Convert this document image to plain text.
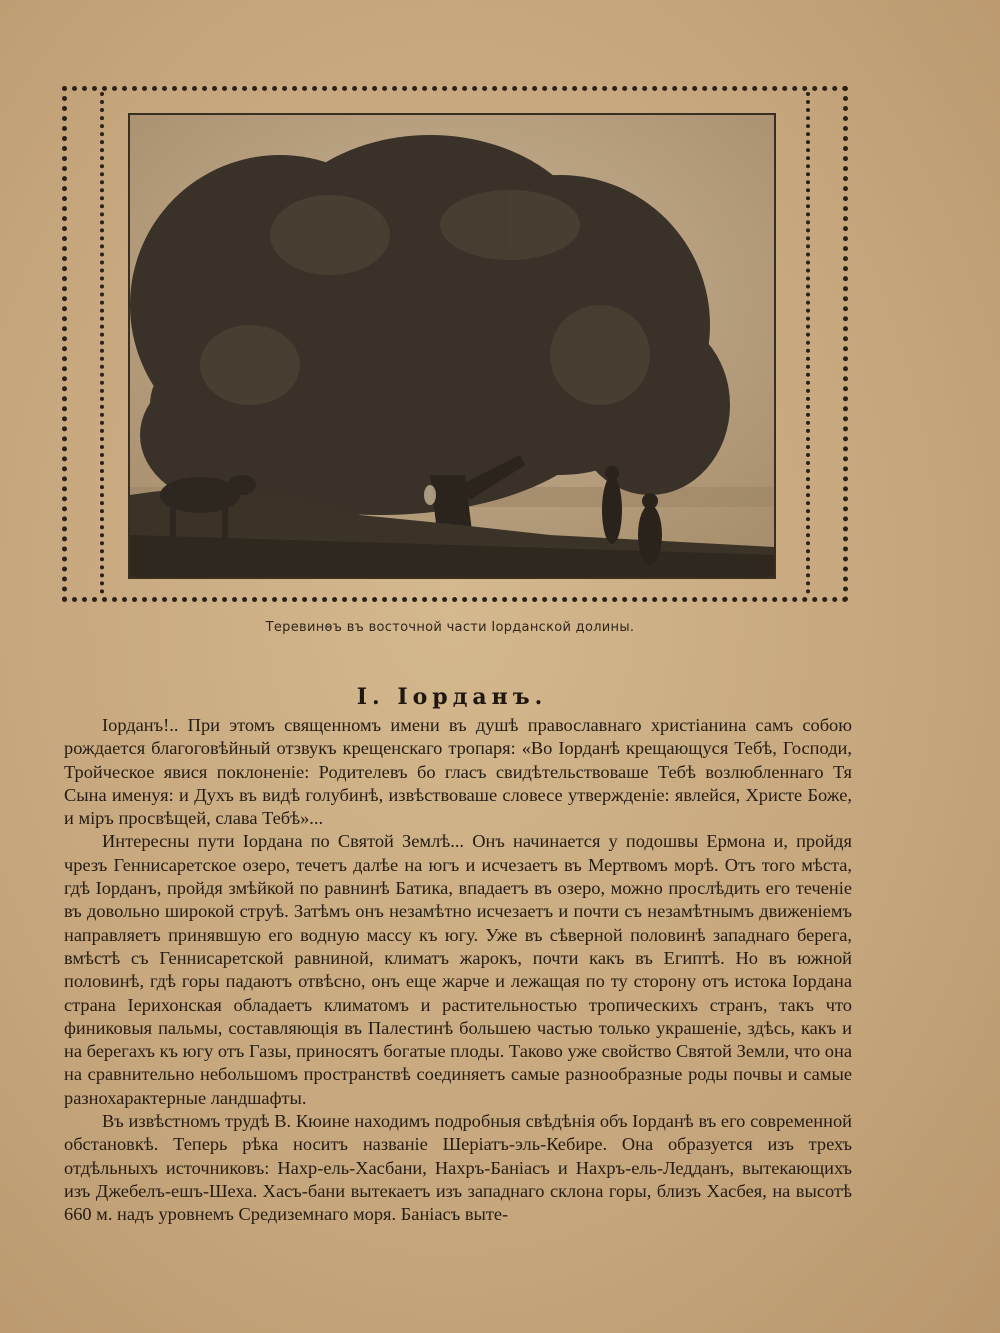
Теревинѳъ въ восточной части Іорданской долины.
I. Іорданъ.

Іорданъ!.. При этомъ священномъ имени въ душѣ православнаго христіанина самъ собою рождается благоговѣйный отзвукъ крещенскаго тропаря: «Во Іорданѣ крещающуся Тебѣ, Господи, Тройческое явися поклоненіе: Родителевъ бо гласъ свидѣтельствоваше Тебѣ возлюбленнаго Тя Сына именуя: и Духъ въ видѣ голубинѣ, извѣствоваше словесе утвержденіе: явлейся, Христе Боже, и міръ просвѣщей, слава Тебѣ»...

Интересны пути Іордана по Святой Землѣ... Онъ начинается у подошвы Ермона и, пройдя чрезъ Геннисаретское озеро, течетъ далѣе на югъ и исчезаетъ въ Мертвомъ морѣ. Отъ того мѣста, гдѣ Іорданъ, пройдя змѣйкой по равнинѣ Батика, впадаетъ въ озеро, можно прослѣдить его теченіе въ довольно широкой струѣ. Затѣмъ онъ незамѣтно исчезаетъ и почти съ незамѣтнымъ движеніемъ направляетъ принявшую его водную массу къ югу. Уже въ сѣверной половинѣ западнаго берега, вмѣстѣ съ Геннисаретской равниной, климатъ жарокъ, почти какъ въ Египтѣ. Но въ южной половинѣ, гдѣ горы падаютъ отвѣсно, онъ еще жарче и лежащая по ту сторону отъ истока Іордана страна Іерихонская обладаетъ климатомъ и растительностью тропическихъ странъ, такъ что финиковыя пальмы, составляющія въ Палестинѣ большею частью только украшеніе, здѣсь, какъ и на берегахъ къ югу отъ Газы, приносятъ богатые плоды. Таково уже свойство Святой Земли, что она на сравнительно небольшомъ пространствѣ соединяетъ самые разнообразные роды почвы и самые разнохарактерные ландшафты.

Въ извѣстномъ трудѣ В. Кюине находимъ подробныя свѣдѣнія объ Іорданѣ въ его современной обстановкѣ. Теперь рѣка носитъ названіе Шеріатъ-эль-Кебире. Она образуется изъ трехъ отдѣльныхъ источниковъ: Нахр-ель-Хасбани, Нахръ-Баніасъ и Нахръ-ель-Ледданъ, вытекающихъ изъ Джебелъ-ешъ-Шеха. Хасъ-бани вытекаетъ изъ западнаго склона горы, близъ Хасбея, на высотѣ 660 м. надъ уровнемъ Средиземнаго моря. Баніасъ выте-
